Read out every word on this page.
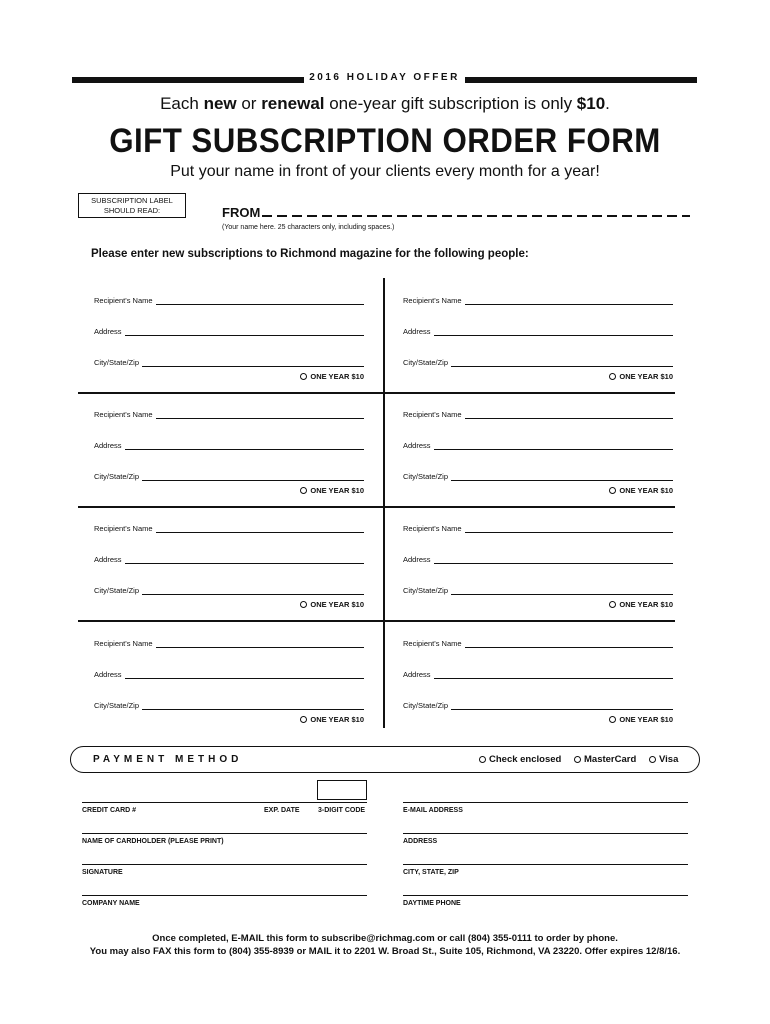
2016 HOLIDAY OFFER
Each new or renewal one-year gift subscription is only $10.
GIFT SUBSCRIPTION ORDER FORM
Put your name in front of your clients every month for a year!
SUBSCRIPTION LABEL
SHOULD READ:	FROM
(Your name here. 25 characters only, including spaces.)
Please enter new subscriptions to Richmond magazine for the following people:
Recipient's Name
Address
City/State/Zip
ONE YEAR $10
Recipient's Name
Address
City/State/Zip
ONE YEAR $10
Recipient's Name
Address
City/State/Zip
ONE YEAR $10
Recipient's Name
Address
City/State/Zip
ONE YEAR $10
Recipient's Name
Address
City/State/Zip
ONE YEAR $10
Recipient's Name
Address
City/State/Zip
ONE YEAR $10
Recipient's Name
Address
City/State/Zip
ONE YEAR $10
Recipient's Name
Address
City/State/Zip
ONE YEAR $10
PAYMENT METHOD	Check enclosed	MasterCard	Visa
CREDIT CARD #	EXP. DATE	3-DIGIT CODE	E-MAIL ADDRESS
NAME OF CARDHOLDER (PLEASE PRINT)	ADDRESS
SIGNATURE	CITY, STATE, ZIP
COMPANY NAME	DAYTIME PHONE
Once completed, E-MAIL this form to subscribe@richmag.com or call (804) 355-0111 to order by phone.
You may also FAX this form to (804) 355-8939 or MAIL it to 2201 W. Broad St., Suite 105, Richmond, VA 23220. Offer expires 12/8/16.
